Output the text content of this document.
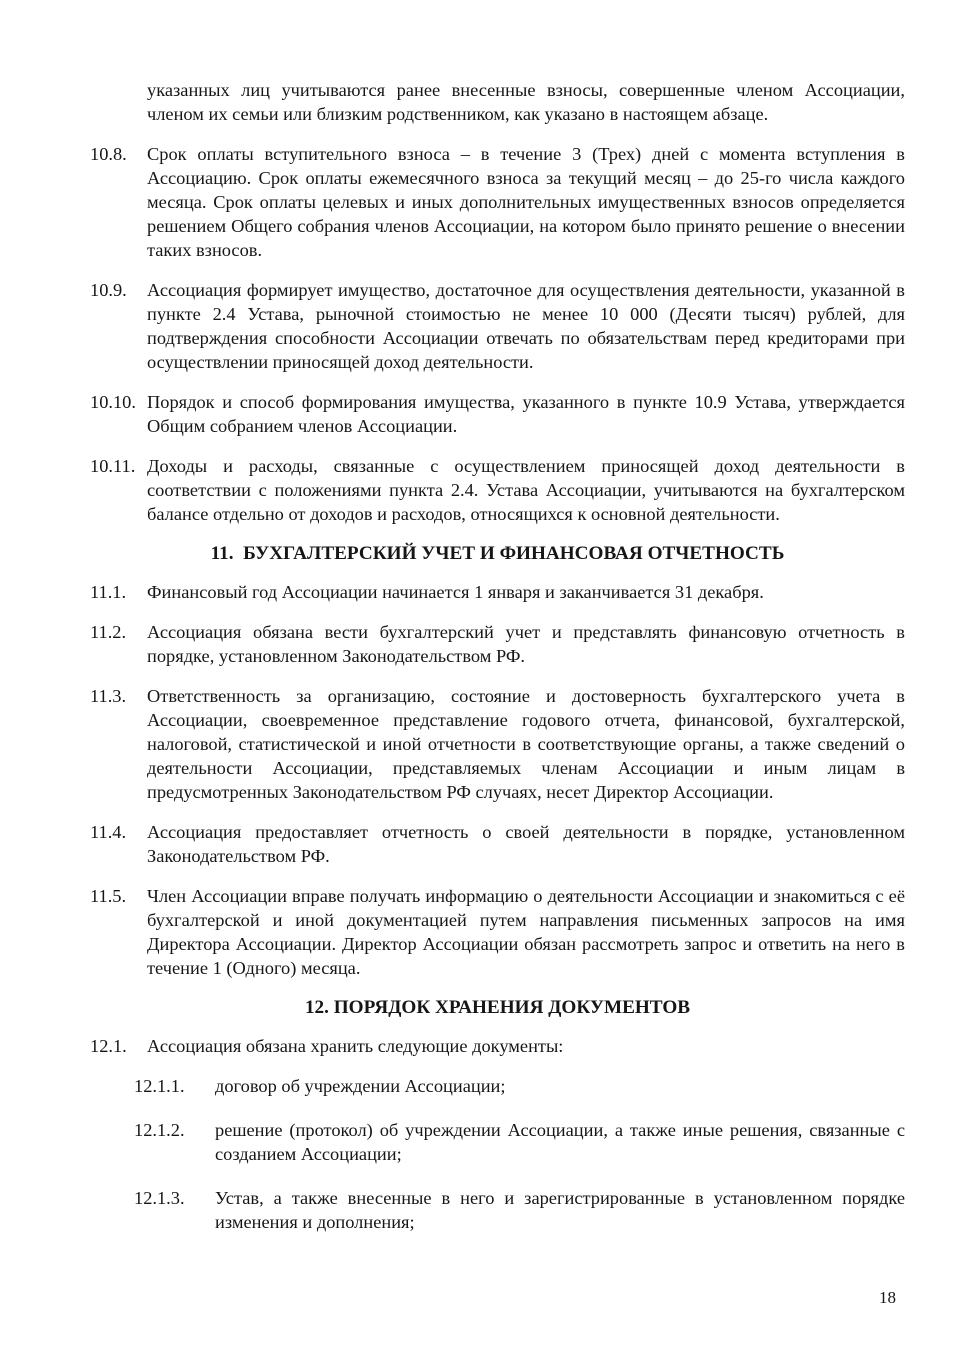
указанных лиц учитываются ранее внесенные взносы, совершенные членом Ассоциации, членом их семьи или близким родственником, как указано в настоящем абзаце.

10.8.	Срок оплаты вступительного взноса – в течение 3 (Трех) дней с момента вступления в Ассоциацию. Срок оплаты ежемесячного взноса за текущий месяц – до 25-го числа каждого месяца. Срок оплаты целевых и иных дополнительных имущественных взносов определяется решением Общего собрания членов Ассоциации, на котором было принято решение о внесении таких взносов.
10.9.	Ассоциация формирует имущество, достаточное для осуществления деятельности, указанной в пункте 2.4 Устава, рыночной стоимостью не менее 10 000 (Десяти тысяч) рублей, для подтверждения способности Ассоциации отвечать по обязательствам перед кредиторами при осуществлении приносящей доход деятельности.
10.10. Порядок и способ формирования имущества, указанного в пункте 10.9 Устава, утверждается Общим собранием членов Ассоциации.
10.11. Доходы и расходы, связанные с осуществлением приносящей доход деятельности в соответствии с положениями пункта 2.4. Устава Ассоциации, учитываются на бухгалтерском балансе отдельно от доходов и расходов, относящихся к основной деятельности.
11.  БУХГАЛТЕРСКИЙ УЧЕТ И ФИНАНСОВАЯ ОТЧЕТНОСТЬ
11.1.	Финансовый год Ассоциации начинается 1 января и заканчивается 31 декабря.
11.2.	Ассоциация обязана вести бухгалтерский учет и представлять финансовую отчетность в порядке, установленном Законодательством РФ.
11.3.	Ответственность за организацию, состояние и достоверность бухгалтерского учета в Ассоциации, своевременное представление годового отчета, финансовой, бухгалтерской, налоговой, статистической и иной отчетности в соответствующие органы, а также сведений о деятельности Ассоциации, представляемых членам Ассоциации и иным лицам в предусмотренных Законодательством РФ случаях, несет Директор Ассоциации.
11.4.	Ассоциация предоставляет отчетность о своей деятельности в порядке, установленном Законодательством РФ.
11.5.	Член Ассоциации вправе получать информацию о деятельности Ассоциации и знакомиться с её бухгалтерской и иной документацией путем направления письменных запросов на имя Директора Ассоциации. Директор Ассоциации обязан рассмотреть запрос и ответить на него в течение 1 (Одного) месяца.
12. ПОРЯДОК ХРАНЕНИЯ ДОКУМЕНТОВ
12.1.	Ассоциация обязана хранить следующие документы:
12.1.1.	договор об учреждении Ассоциации;
12.1.2.	решение (протокол) об учреждении Ассоциации, а также иные решения, связанные с созданием Ассоциации;
12.1.3.	Устав, а также внесенные в него и зарегистрированные в установленном порядке изменения и дополнения;
18
